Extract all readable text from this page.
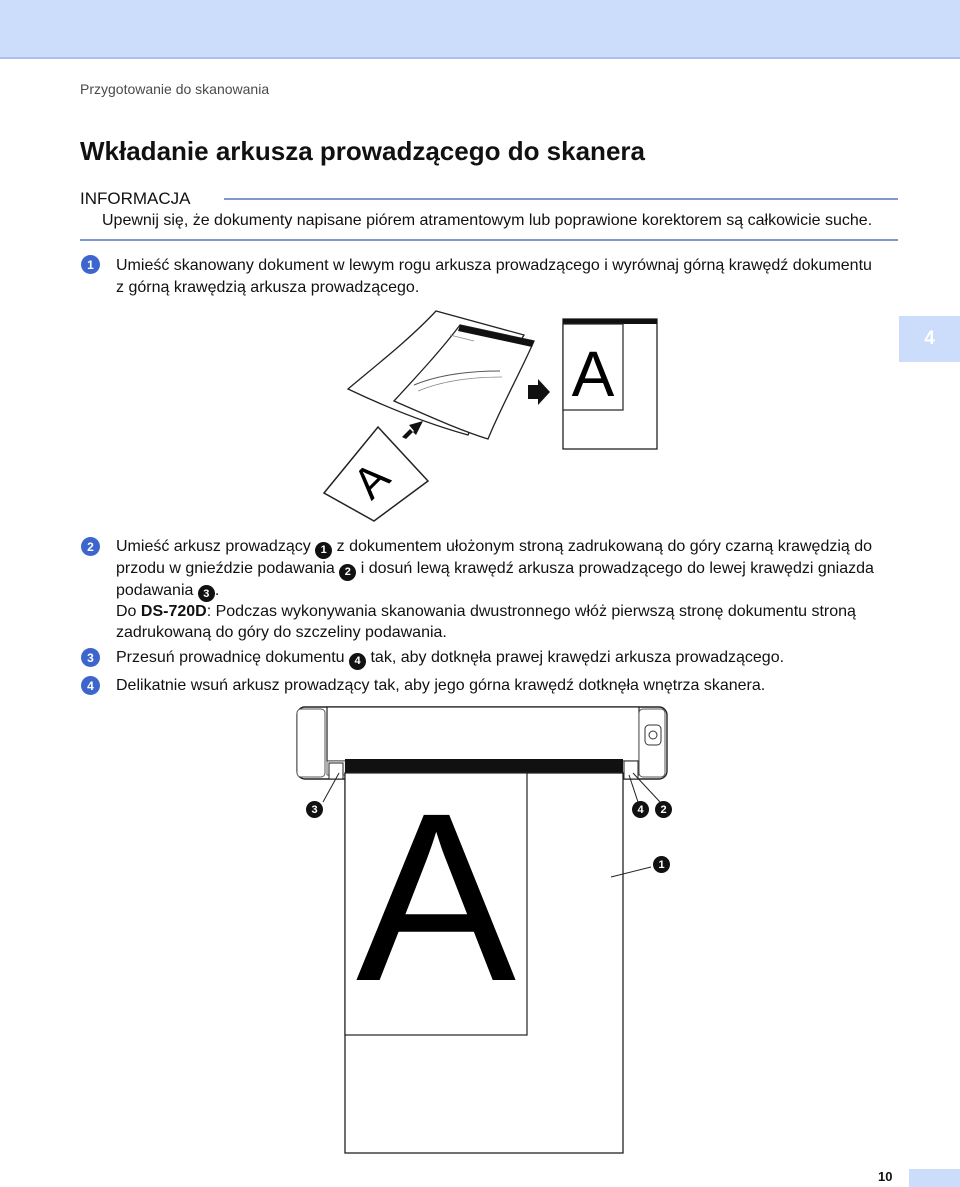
Przygotowanie do skanowania
Wkładanie arkusza prowadzącego do skanera
INFORMACJA
Upewnij się, że dokumenty napisane piórem atramentowym lub poprawione korektorem są całkowicie suche.
4
1	Umieść skanowany dokument w lewym rogu arkusza prowadzącego i wyrównaj górną krawędź dokumentu z górną krawędzią arkusza prowadzącego.

A
A
2	Umieść arkusz prowadzący 1 z dokumentem ułożonym stroną zadrukowaną do góry czarną krawędzią do przodu w gnieździe podawania 2 i dosuń lewą krawędź arkusza prowadzącego do lewej krawędzi gniazda podawania 3 .
Do DS-720D: Podczas wykonywania skanowania dwustronnego włóż pierwszą stronę dokumentu stroną zadrukowaną do góry do szczeliny podawania.

3	Przesuń prowadnicę dokumentu 4 tak, aby dotknęła prawej krawędzi arkusza prowadzącego.

4	Delikatnie wsuń arkusz prowadzący tak, aby jego górna krawędź dotknęła wnętrza skanera.

A
3	4	2
1
10
